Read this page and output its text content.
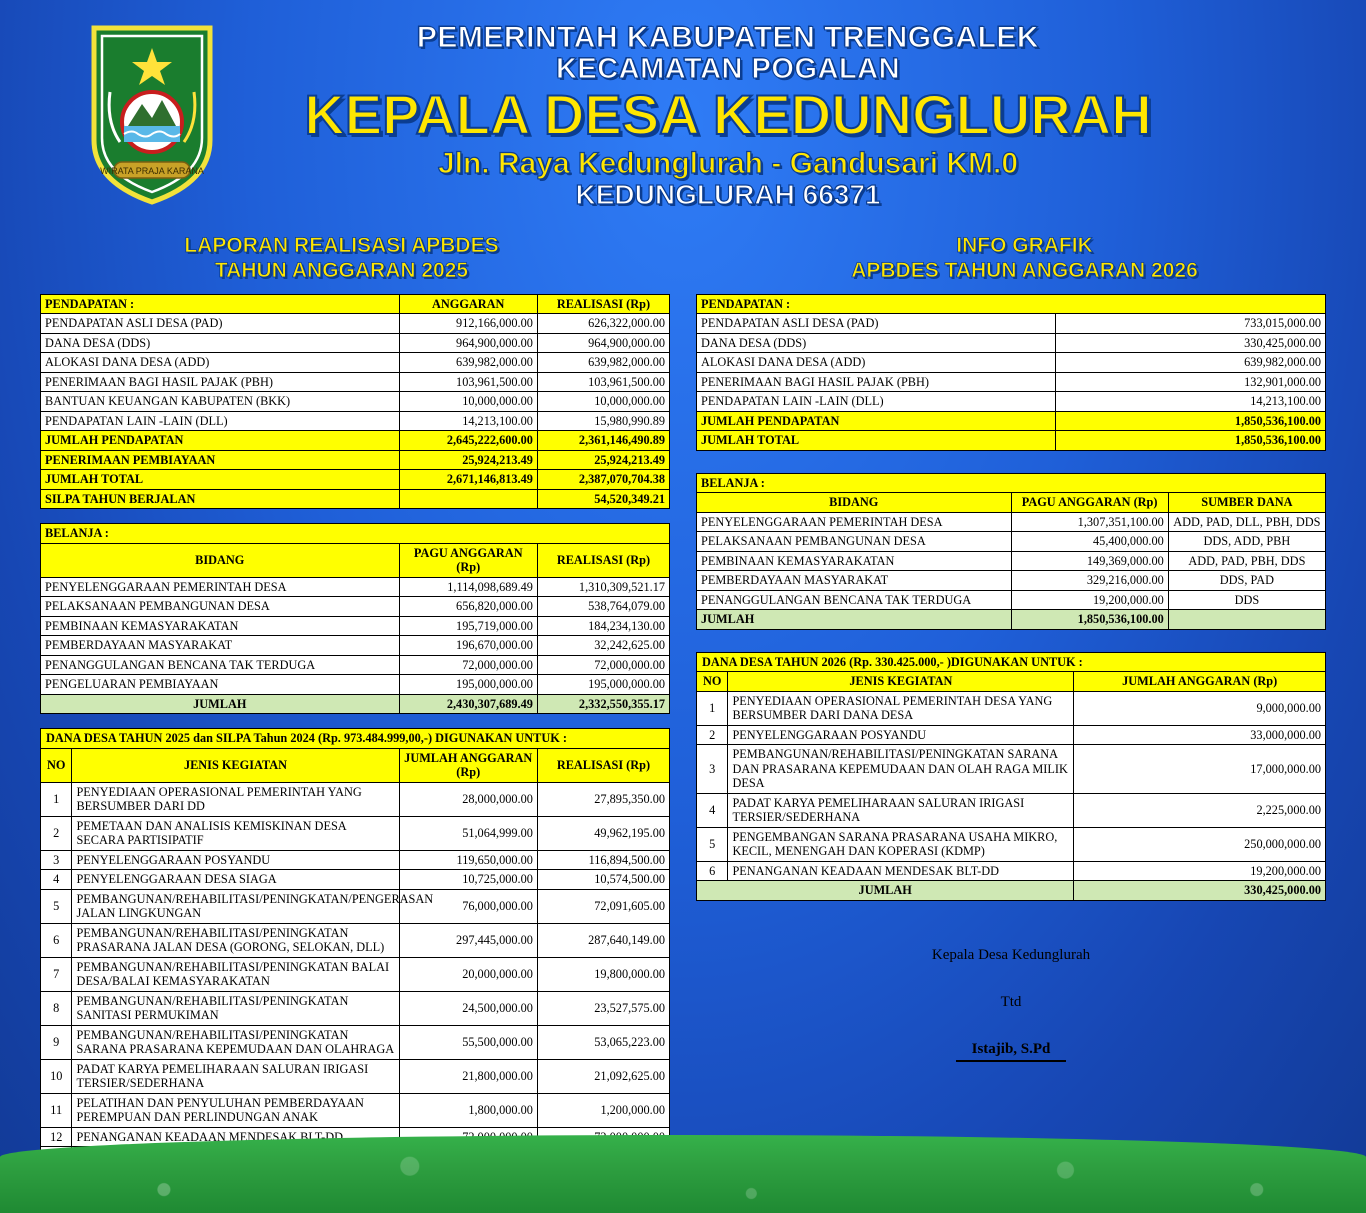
WIRATA PRAJA KARANA
PEMERINTAH KABUPATEN TRENGGALEK
KECAMATAN POGALAN
KEPALA DESA KEDUNGLURAH
Jln. Raya Kedunglurah - Gandusari KM.0
KEDUNGLURAH 66371
LAPORAN REALISASI APBDES
TAHUN ANGGARAN 2025
INFO GRAFIK
APBDES TAHUN ANGGARAN 2026
PENDAPATAN :	ANGGARAN	REALISASI (Rp)
PENDAPATAN ASLI DESA (PAD)	912,166,000.00	626,322,000.00
DANA DESA (DDS)	964,900,000.00	964,900,000.00
ALOKASI DANA DESA (ADD)	639,982,000.00	639,982,000.00
PENERIMAAN BAGI HASIL PAJAK (PBH)	103,961,500.00	103,961,500.00
BANTUAN KEUANGAN KABUPATEN (BKK)	10,000,000.00	10,000,000.00
PENDAPATAN LAIN -LAIN (DLL)	14,213,100.00	15,980,990.89
JUMLAH PENDAPATAN	2,645,222,600.00	2,361,146,490.89
PENERIMAAN PEMBIAYAAN	25,924,213.49	25,924,213.49
JUMLAH TOTAL	2,671,146,813.49	2,387,070,704.38
SILPA TAHUN BERJALAN		54,520,349.21
BELANJA :		
BIDANG	PAGU ANGGARAN (Rp)	REALISASI (Rp)
PENYELENGGARAAN PEMERINTAH DESA	1,114,098,689.49	1,310,309,521.17
PELAKSANAAN PEMBANGUNAN DESA	656,820,000.00	538,764,079.00
PEMBINAAN KEMASYARAKATAN	195,719,000.00	184,234,130.00
PEMBERDAYAAN MASYARAKAT	196,670,000.00	32,242,625.00
PENANGGULANGAN BENCANA TAK TERDUGA	72,000,000.00	72,000,000.00
PENGELUARAN PEMBIAYAAN	195,000,000.00	195,000,000.00
JUMLAH	2,430,307,689.49	2,332,550,355.17
DANA DESA TAHUN 2025 dan SILPA Tahun 2024 (Rp. 973.484.999,00,-) DIGUNAKAN UNTUK :			
NO	JENIS KEGIATAN	JUMLAH ANGGARAN (Rp)	REALISASI (Rp)
1	PENYEDIAAN OPERASIONAL PEMERINTAH YANG BERSUMBER DARI DD	28,000,000.00	27,895,350.00
2	PEMETAAN DAN ANALISIS KEMISKINAN DESA SECARA PARTISIPATIF	51,064,999.00	49,962,195.00
3	PENYELENGGARAAN POSYANDU	119,650,000.00	116,894,500.00
4	PENYELENGGARAAN DESA SIAGA	10,725,000.00	10,574,500.00
5	PEMBANGUNAN/REHABILITASI/PENINGKATAN/PENGERASAN JALAN LINGKUNGAN	76,000,000.00	72,091,605.00
6	PEMBANGUNAN/REHABILITASI/PENINGKATAN PRASARANA JALAN DESA (GORONG, SELOKAN, DLL)	297,445,000.00	287,640,149.00
7	PEMBANGUNAN/REHABILITASI/PENINGKATAN BALAI DESA/BALAI KEMASYARAKATAN	20,000,000.00	19,800,000.00
8	PEMBANGUNAN/REHABILITASI/PENINGKATAN SANITASI PERMUKIMAN	24,500,000.00	23,527,575.00
9	PEMBANGUNAN/REHABILITASI/PENINGKATAN SARANA PRASARANA KEPEMUDAAN DAN OLAHRAGA	55,500,000.00	53,065,223.00
10	PADAT KARYA PEMELIHARAAN SALURAN IRIGASI TERSIER/SEDERHANA	21,800,000.00	21,092,625.00
11	PELATIHAN DAN PENYULUHAN PEMBERDAYAAN PEREMPUAN DAN PERLINDUNGAN ANAK	1,800,000.00	1,200,000.00

PENDAPATAN :	
PENDAPATAN ASLI DESA (PAD)	733,015,000.00
DANA DESA (DDS)	330,425,000.00
ALOKASI DANA DESA (ADD)	639,982,000.00
PENERIMAAN BAGI HASIL PAJAK (PBH)	132,901,000.00
PENDAPATAN LAIN -LAIN (DLL)	14,213,100.00
JUMLAH PENDAPATAN	1,850,536,100.00
JUMLAH TOTAL	1,850,536,100.00
BELANJA :		
BIDANG	PAGU ANGGARAN (Rp)	SUMBER DANA
PENYELENGGARAAN PEMERINTAH DESA	1,307,351,100.00	ADD, PAD, DLL, PBH, DDS
PELAKSANAAN PEMBANGUNAN DESA	45,400,000.00	DDS, ADD, PBH
PEMBINAAN KEMASYARAKATAN	149,369,000.00	ADD, PAD, PBH, DDS
PEMBERDAYAAN MASYARAKAT	329,216,000.00	DDS, PAD
PENANGGULANGAN BENCANA TAK TERDUGA	19,200,000.00	DDS
JUMLAH	1,850,536,100.00	
DANA DESA TAHUN 2026 (Rp. 330.425.000,- )DIGUNAKAN UNTUK :		
NO	JENIS KEGIATAN	JUMLAH ANGGARAN (Rp)
1	PENYEDIAAN OPERASIONAL PEMERINTAH DESA YANG BERSUMBER DARI DANA DESA	9,000,000.00
2	PENYELENGGARAAN POSYANDU	33,000,000.00
3	PEMBANGUNAN/REHABILITASI/PENINGKATAN SARANA DAN PRASARANA KEPEMUDAAN DAN OLAH RAGA MILIK DESA	17,000,000.00
4	PADAT KARYA PEMELIHARAAN SALURAN IRIGASI TERSIER/SEDERHANA	2,225,000.00
5	PENGEMBANGAN SARANA PRASARANA USAHA MIKRO, KECIL, MENENGAH DAN KOPERASI (KDMP)	250,000,000.00
6	PENANGANAN KEADAAN MENDESAK BLT-DD	19,200,000.00
JUMLAH		330,425,000.00
Kepala Desa Kedunglurah
Ttd
Istajib, S.Pd
